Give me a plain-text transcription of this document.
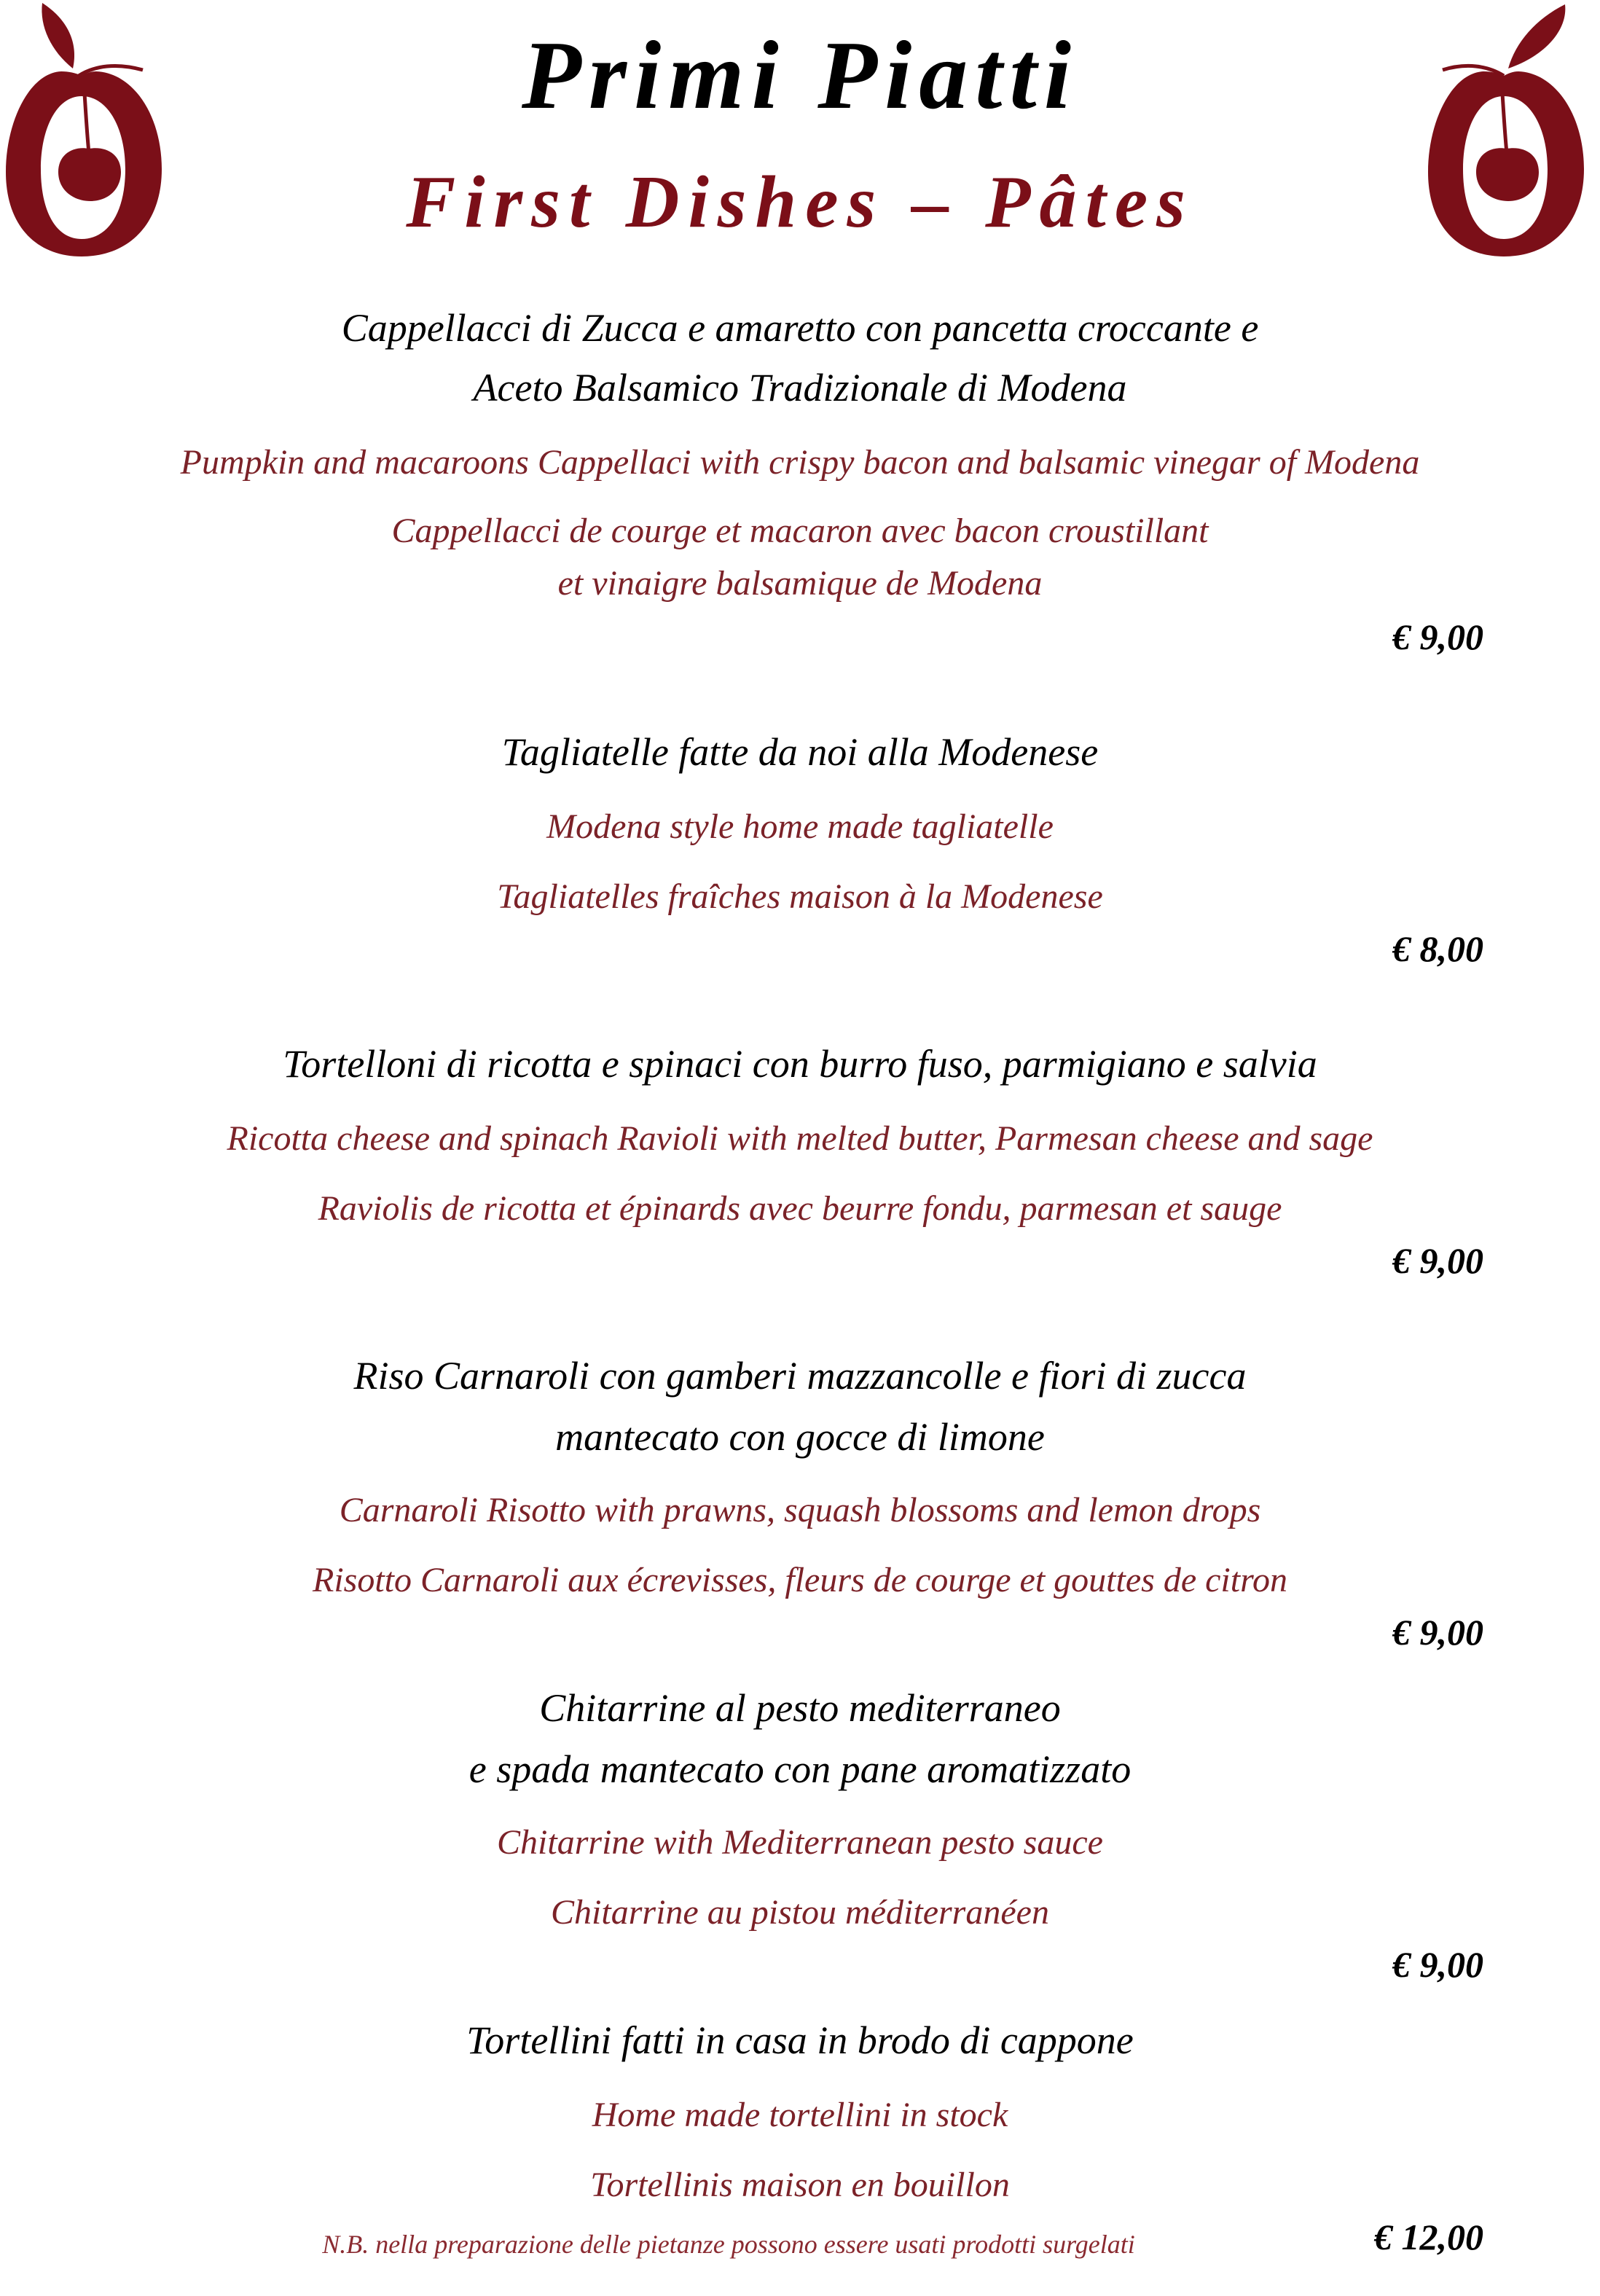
Primi Piatti
First Dishes – Pâtes
Cappellacci di Zucca e amaretto con pancetta croccante e
Aceto Balsamico Tradizionale di Modena
Pumpkin and macaroons Cappellaci with crispy bacon and balsamic vinegar of Modena
Cappellacci de courge et macaron avec bacon croustillant
et vinaigre balsamique de Modena
€ 9,00
Tagliatelle fatte da noi alla Modenese
Modena style home made tagliatelle
Tagliatelles fraîches maison à la Modenese
€ 8,00
Tortelloni di ricotta e spinaci con burro fuso, parmigiano e salvia
Ricotta cheese and spinach Ravioli with melted butter, Parmesan cheese and sage
Raviolis de ricotta et épinards avec beurre fondu, parmesan et sauge
€ 9,00
Riso Carnaroli con gamberi mazzancolle e fiori di zucca
mantecato con gocce di limone
Carnaroli Risotto with prawns, squash blossoms and lemon drops
Risotto Carnaroli aux écrevisses, fleurs de courge et gouttes de citron
€ 9,00
Chitarrine al pesto mediterraneo
e spada mantecato con pane aromatizzato
Chitarrine with Mediterranean pesto sauce
Chitarrine au pistou méditerranéen
€ 9,00
Tortellini fatti in casa in brodo di cappone
Home made tortellini in stock
Tortellinis maison en bouillon
€ 12,00
N.B. nella preparazione delle pietanze possono essere usati prodotti surgelati
